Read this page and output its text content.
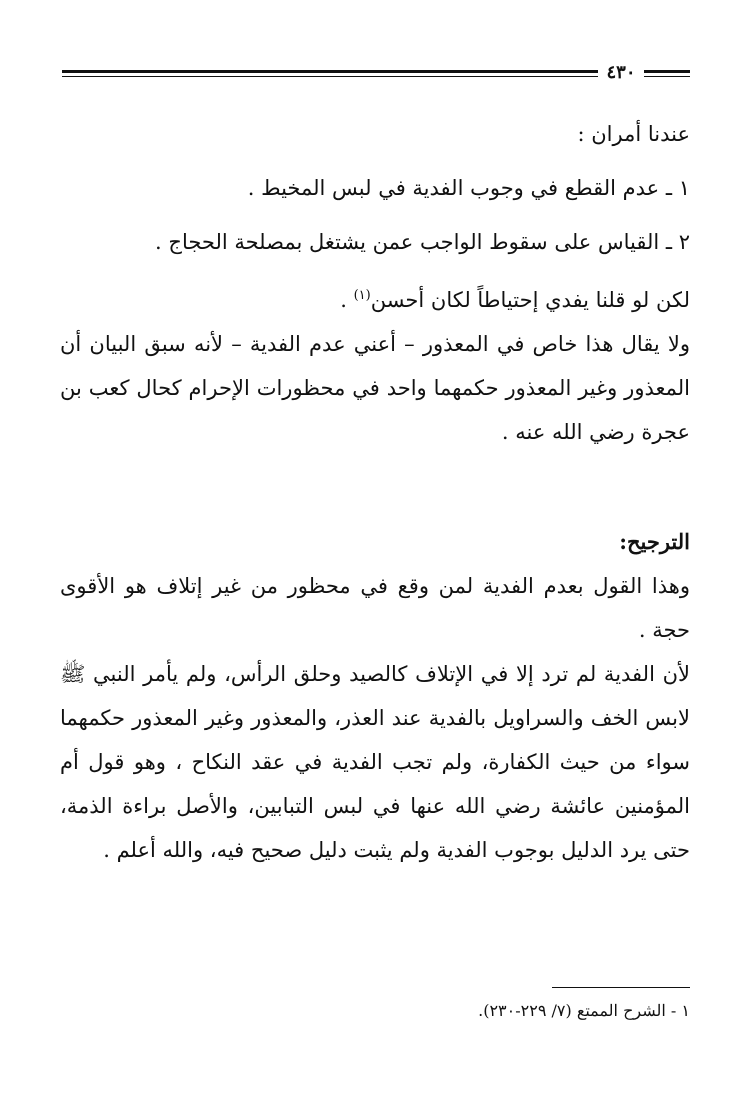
٤٣٠

عندنا أمران :

١ ـ عدم القطع في وجوب الفدية في لبس المخيط .

٢ ـ القياس على سقوط الواجب عمن يشتغل بمصلحة الحجاج .

لكن لو قلنا يفدي إحتياطاً لكان أحسن$^{(١)}$ .

ولا يقال هذا خاص في المعذور – أعني عدم الفدية – لأنه سبق البيان أن المعذور وغير المعذور حكمهما واحد في محظورات الإحرام كحال كعب بن عجرة رضي الله عنه .

الترجيح:

وهذا القول بعدم الفدية لمن وقع في محظور من غير إتلاف هو الأقوى حجة .

لأن الفدية لم ترد إلا في الإتلاف كالصيد وحلق الرأس، ولم يأمر النبي ﷺ لابس الخف والسراويل بالفدية عند العذر، والمعذور وغير المعذور حكمهما سواء من حيث الكفارة، ولم تجب الفدية في عقد النكاح ، وهو قول أم المؤمنين عائشة رضي الله عنها في لبس التبابين، والأصل براءة الذمة، حتى يرد الدليل بوجوب الفدية ولم يثبت دليل صحيح فيه، والله أعلم .

١ - الشرح الممتع (٧/ ٢٢٩-٢٣٠).
